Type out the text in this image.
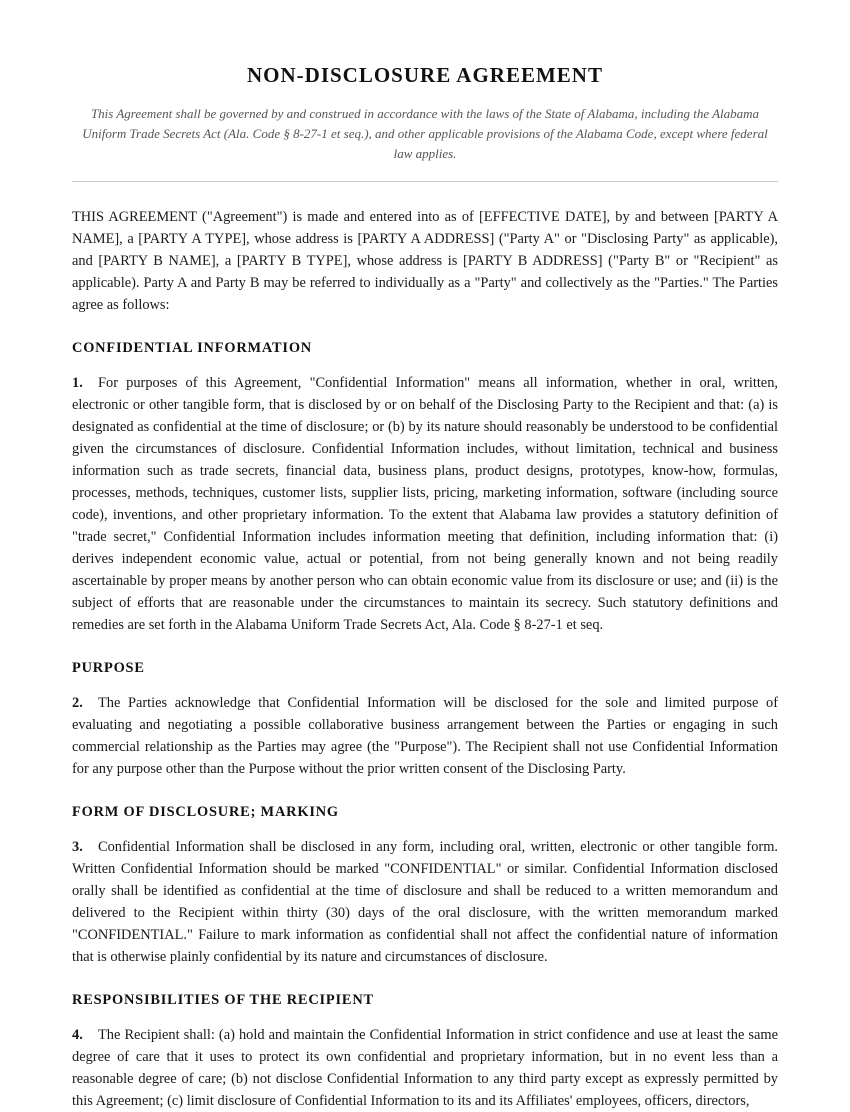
NON-DISCLOSURE AGREEMENT

This Agreement shall be governed by and construed in accordance with the laws of the State of Alabama, including the Alabama Uniform Trade Secrets Act (Ala. Code § 8-27-1 et seq.), and other applicable provisions of the Alabama Code, except where federal law applies.

THIS AGREEMENT ("Agreement") is made and entered into as of [EFFECTIVE DATE], by and between [PARTY A NAME], a [PARTY A TYPE], whose address is [PARTY A ADDRESS] ("Party A" or "Disclosing Party" as applicable), and [PARTY B NAME], a [PARTY B TYPE], whose address is [PARTY B ADDRESS] ("Party B" or "Recipient" as applicable). Party A and Party B may be referred to individually as a "Party" and collectively as the "Parties." The Parties agree as follows:

CONFIDENTIAL INFORMATION

1. For purposes of this Agreement, "Confidential Information" means all information, whether in oral, written, electronic or other tangible form, that is disclosed by or on behalf of the Disclosing Party to the Recipient and that: (a) is designated as confidential at the time of disclosure; or (b) by its nature should reasonably be understood to be confidential given the circumstances of disclosure. Confidential Information includes, without limitation, technical and business information such as trade secrets, financial data, business plans, product designs, prototypes, know-how, formulas, processes, methods, techniques, customer lists, supplier lists, pricing, marketing information, software (including source code), inventions, and other proprietary information. To the extent that Alabama law provides a statutory definition of "trade secret," Confidential Information includes information meeting that definition, including information that: (i) derives independent economic value, actual or potential, from not being generally known and not being readily ascertainable by proper means by another person who can obtain economic value from its disclosure or use; and (ii) is the subject of efforts that are reasonable under the circumstances to maintain its secrecy. Such statutory definitions and remedies are set forth in the Alabama Uniform Trade Secrets Act, Ala. Code § 8-27-1 et seq.

PURPOSE

2. The Parties acknowledge that Confidential Information will be disclosed for the sole and limited purpose of evaluating and negotiating a possible collaborative business arrangement between the Parties or engaging in such commercial relationship as the Parties may agree (the "Purpose"). The Recipient shall not use Confidential Information for any purpose other than the Purpose without the prior written consent of the Disclosing Party.

FORM OF DISCLOSURE; MARKING

3. Confidential Information shall be disclosed in any form, including oral, written, electronic or other tangible form. Written Confidential Information should be marked "CONFIDENTIAL" or similar. Confidential Information disclosed orally shall be identified as confidential at the time of disclosure and shall be reduced to a written memorandum and delivered to the Recipient within thirty (30) days of the oral disclosure, with the written memorandum marked "CONFIDENTIAL." Failure to mark information as confidential shall not affect the confidential nature of information that is otherwise plainly confidential by its nature and circumstances of disclosure.

RESPONSIBILITIES OF THE RECIPIENT

4. The Recipient shall: (a) hold and maintain the Confidential Information in strict confidence and use at least the same degree of care that it uses to protect its own confidential and proprietary information, but in no event less than a reasonable degree of care; (b) not disclose Confidential Information to any third party except as expressly permitted by this Agreement; (c) limit disclosure of Confidential Information to its and its Affiliates' employees, officers, directors,
